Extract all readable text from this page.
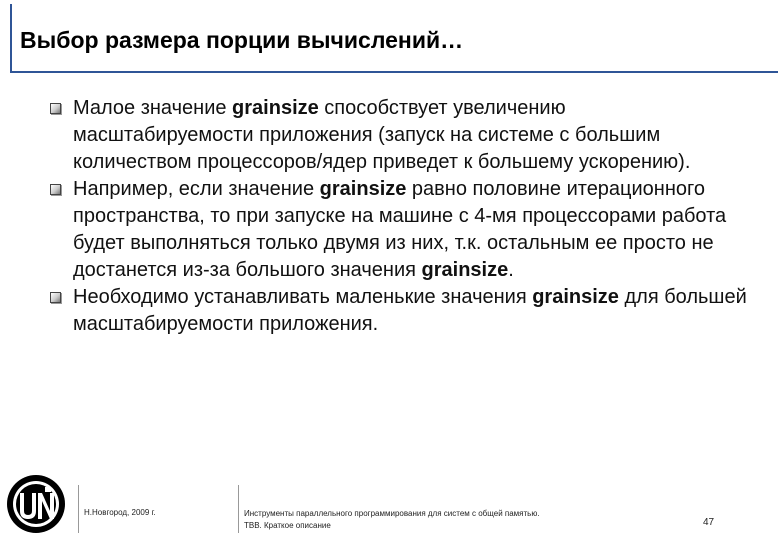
Выбор размера порции вычислений…
Малое значение grainsize способствует увеличению масштабируемости приложения (запуск на системе с большим количеством процессоров/ядер приведет к большему ускорению).
Например, если значение grainsize равно половине итерационного пространства, то при запуске на машине с 4-мя процессорами работа будет выполняться только двумя из них, т.к. остальным ее просто не достанется из-за большого значения grainsize.
Необходимо устанавливать маленькие значения grainsize для большей масштабируемости приложения.
Н.Новгород, 2009 г.	Инструменты параллельного программирования для систем с общей памятью.
TBB. Краткое описание	47
